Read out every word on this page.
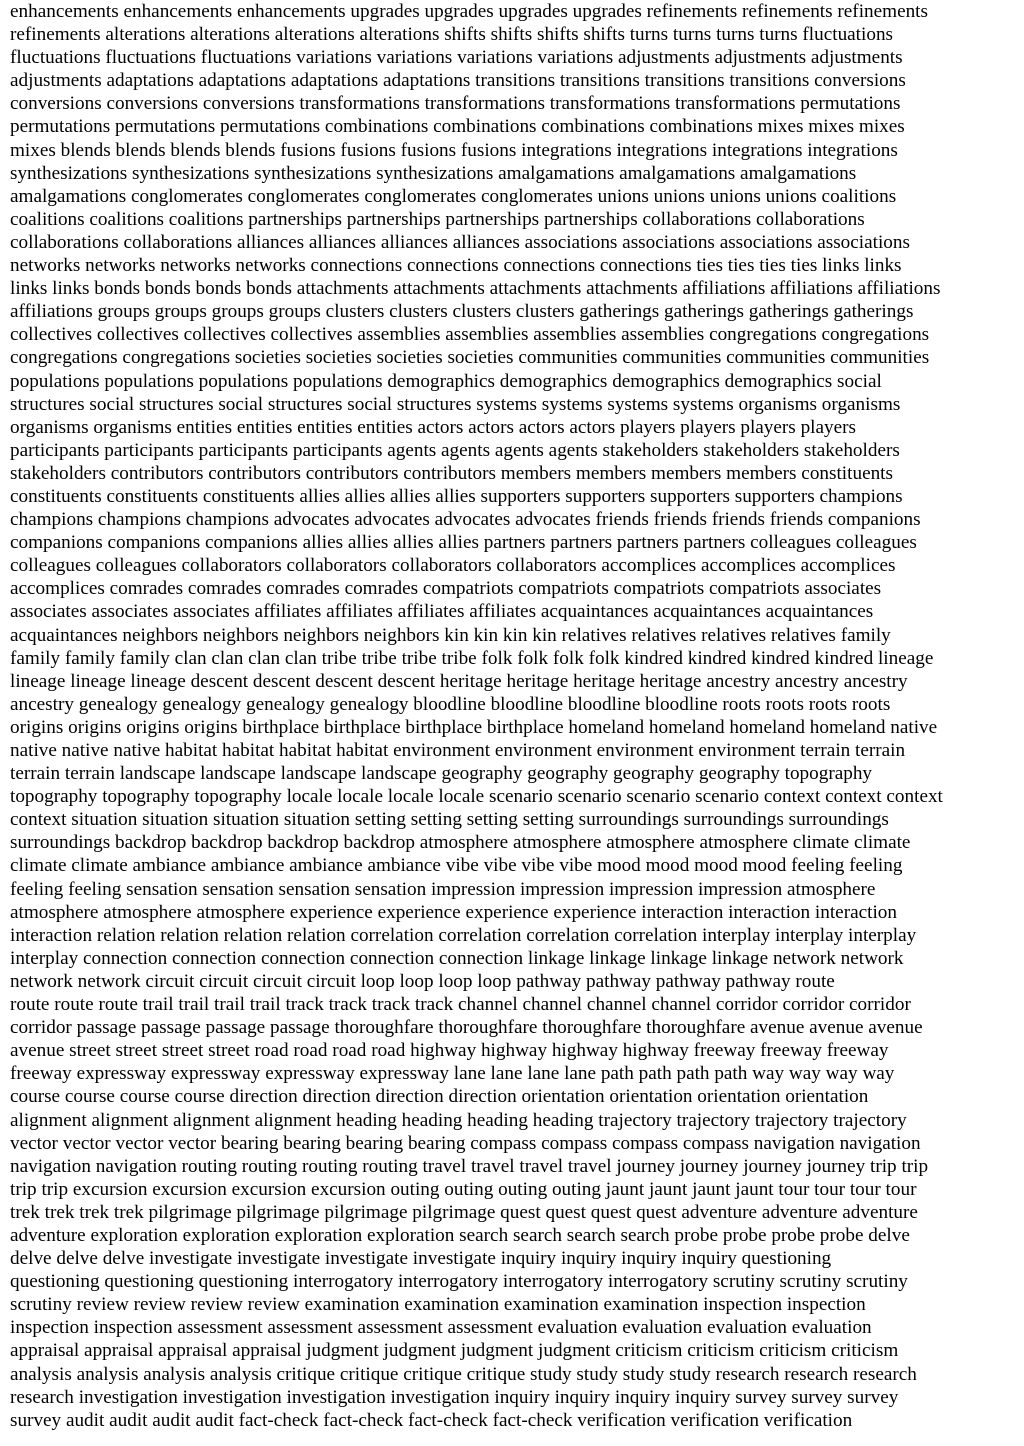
enhancements enhancements enhancements upgrades upgrades upgrades upgrades refinements refinements refinements
refinements alterations alterations alterations alterations shifts shifts shifts shifts turns turns turns turns fluctuations
fluctuations fluctuations fluctuations variations variations variations variations adjustments adjustments adjustments
adjustments adaptations adaptations adaptations adaptations transitions transitions transitions transitions conversions
conversions conversions conversions transformations transformations transformations transformations permutations
permutations permutations permutations combinations combinations combinations combinations mixes mixes mixes
mixes blends blends blends blends fusions fusions fusions fusions integrations integrations integrations integrations
synthesizations synthesizations synthesizations synthesizations amalgamations amalgamations amalgamations
amalgamations conglomerates conglomerates conglomerates conglomerates unions unions unions unions coalitions
coalitions coalitions coalitions partnerships partnerships partnerships partnerships collaborations collaborations
collaborations collaborations alliances alliances alliances alliances associations associations associations associations
networks networks networks networks connections connections connections connections ties ties ties ties links links
links links bonds bonds bonds bonds attachments attachments attachments attachments affiliations affiliations affiliations
affiliations groups groups groups groups clusters clusters clusters clusters gatherings gatherings gatherings gatherings
collectives collectives collectives collectives assemblies assemblies assemblies assemblies congregations congregations
congregations congregations societies societies societies societies communities communities communities communities
populations populations populations populations demographics demographics demographics demographics social
structures social structures social structures social structures systems systems systems systems organisms organisms
organisms organisms entities entities entities entities actors actors actors actors players players players players
participants participants participants participants agents agents agents agents stakeholders stakeholders stakeholders
stakeholders contributors contributors contributors contributors members members members members constituents
constituents constituents constituents allies allies allies allies supporters supporters supporters supporters champions
champions champions champions advocates advocates advocates advocates friends friends friends friends companions
companions companions companions allies allies allies allies partners partners partners partners colleagues colleagues
colleagues colleagues collaborators collaborators collaborators collaborators accomplices accomplices accomplices
accomplices comrades comrades comrades comrades compatriots compatriots compatriots compatriots associates
associates associates associates affiliates affiliates affiliates affiliates acquaintances acquaintances acquaintances
acquaintances neighbors neighbors neighbors neighbors kin kin kin kin relatives relatives relatives relatives family
family family family clan clan clan clan tribe tribe tribe tribe folk folk folk folk kindred kindred kindred kindred lineage
lineage lineage lineage descent descent descent descent heritage heritage heritage heritage ancestry ancestry ancestry
ancestry genealogy genealogy genealogy genealogy bloodline bloodline bloodline bloodline roots roots roots roots
origins origins origins origins birthplace birthplace birthplace birthplace homeland homeland homeland homeland native
native native native habitat habitat habitat habitat environment environment environment environment terrain terrain
terrain terrain landscape landscape landscape landscape geography geography geography geography topography
topography topography topography locale locale locale locale scenario scenario scenario scenario context context context
context situation situation situation situation setting setting setting setting surroundings surroundings surroundings
surroundings backdrop backdrop backdrop backdrop atmosphere atmosphere atmosphere atmosphere climate climate
climate climate ambiance ambiance ambiance ambiance vibe vibe vibe vibe mood mood mood mood feeling feeling
feeling feeling sensation sensation sensation sensation impression impression impression impression atmosphere
atmosphere atmosphere atmosphere experience experience experience experience interaction interaction interaction
interaction relation relation relation relation correlation correlation correlation correlation interplay interplay interplay
interplay connection connection connection connection connection linkage linkage linkage linkage network network
network network circuit circuit circuit circuit loop loop loop loop pathway pathway pathway pathway route
route route route trail trail trail trail track track track track channel channel channel channel corridor corridor corridor
corridor passage passage passage passage thoroughfare thoroughfare thoroughfare thoroughfare avenue avenue avenue
avenue street street street street road road road road highway highway highway highway freeway freeway freeway
freeway expressway expressway expressway expressway lane lane lane lane path path path path way way way way
course course course course direction direction direction direction orientation orientation orientation orientation
alignment alignment alignment alignment heading heading heading heading trajectory trajectory trajectory trajectory
vector vector vector vector bearing bearing bearing bearing compass compass compass compass navigation navigation
navigation navigation routing routing routing routing travel travel travel travel journey journey journey journey trip trip
trip trip excursion excursion excursion excursion outing outing outing outing jaunt jaunt jaunt jaunt tour tour tour tour
trek trek trek trek pilgrimage pilgrimage pilgrimage pilgrimage quest quest quest quest adventure adventure adventure
adventure exploration exploration exploration exploration search search search search probe probe probe probe delve
delve delve delve investigate investigate investigate investigate inquiry inquiry inquiry inquiry questioning
questioning questioning questioning interrogatory interrogatory interrogatory interrogatory scrutiny scrutiny scrutiny
scrutiny review review review review examination examination examination examination inspection inspection
inspection inspection assessment assessment assessment assessment evaluation evaluation evaluation evaluation
appraisal appraisal appraisal appraisal judgment judgment judgment judgment criticism criticism criticism criticism
analysis analysis analysis analysis critique critique critique critique study study study study research research research
research investigation investigation investigation investigation inquiry inquiry inquiry inquiry survey survey survey
survey audit audit audit audit fact-check fact-check fact-check fact-check verification verification verification
